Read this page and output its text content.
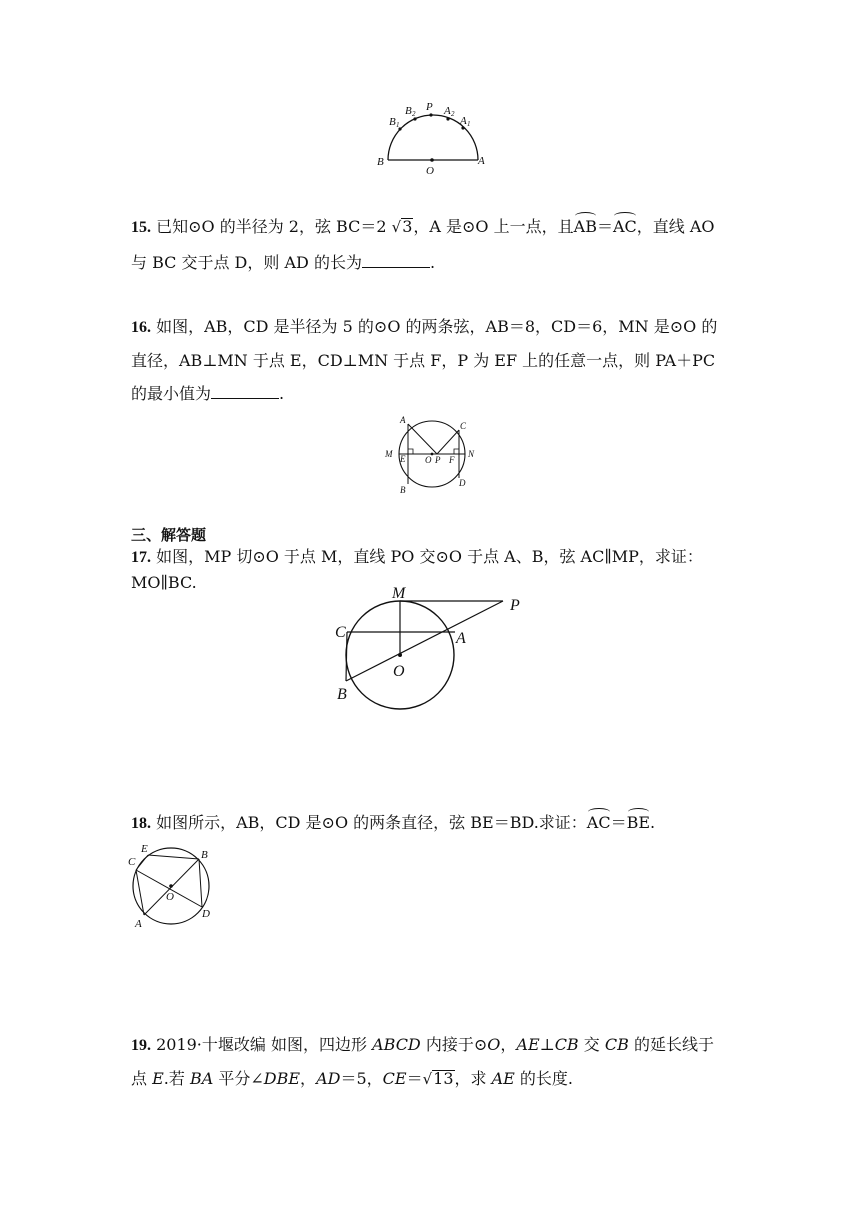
B 1
B 2
P A 2
A 1
B
O
A
15. 已知⊙O 的半径为 2，弦 BC＝2 √3，A 是⊙O 上一点，且AB＝AC，直线 AO
与 BC 交于点 D，则 AD 的长为	.
16. 如图，AB，CD 是半径为 5 的⊙O 的两条弦，AB＝8，CD＝6，MN 是⊙O 的
直径，AB⊥MN 于点 E，CD⊥MN 于点 F，P 为 EF 上的任意一点，则 PA＋PC
的最小值为	.
A
C
M E O P F
N
B
D
三、解答题
17. 如图，MP 切⊙O 于点 M，直线 PO 交⊙O 于点 A、B，弦 AC∥MP，求证：
MO∥BC.
M
P
C	A
O
B
18. 如图所示，AB，CD 是⊙O 的两条直径，弦 BE＝BD.求证：AC＝BE.
C
E	B
O
A
D
19. 2019·十堰改编 如图，四边形 ABCD 内接于⊙O，AE⊥CB 交 CB 的延长线于
点 E.若 BA 平分∠DBE，AD＝5，CE＝√13，求 AE 的长度.
